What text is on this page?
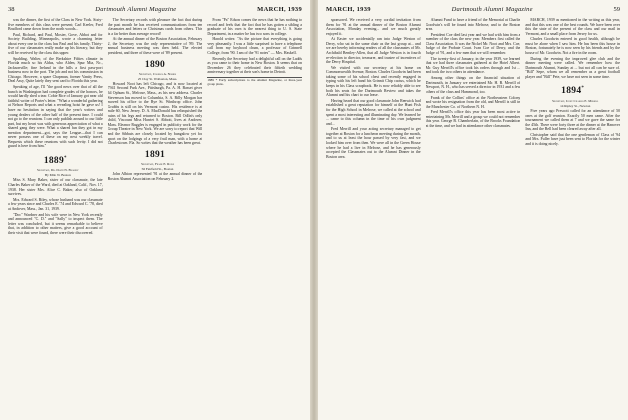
38	Dartmouth Alumni Magazine	MARCH, 1939

was the dinner, the first of the Class in New York. Sixty-five members of this class were present; Carl Keeler, Fred Bradford came down from the north woods...

Paul, Richard, and Paul, Mosier, Gove, Abbot and for Society Building, Minneapolis, wrote a charming letter about every one in the class has Paul and his family. Thirty-five of our classmates really make up his literary, but they will be received by the class this upper.

Spalding, Walter, of the Berkshire Fifties climate in Florida much so his Aldus, who Alden, Spur Mia, Nc., Jacksonville; fine Ireland in the hills a first pass-port business now in the port. The job and not his commission in Chicago. However, a spare Chapman, former Vanity Press, Deal Assy, Quite lately they sent card to Florida this year.

Speaking of age, I'll "the good news over that of all the bunch in Washington had complete grades of the honors, he would hardly shed a tear. Cobie Rice of January got near old faithful writer of Porter's letter. "What a wonderful gathering at Nelson Reports and what a revealing hoist he gave us! I have no hesitation in saying that the year's writers and young dealers of the other half of the present time. I could not go to the reunions. I can only publish around to our little part, but my heart was with generous appreciation of what a shared gang they were. What a shared fun they got in my mention department—got, says the League—that I can never possess one of these on my next weekly travel. Bequests which these reunions with such levity. I did not guard is here from him."

1889*

Secretary, Dr. David N. Blakely

By Milo N. Boston

Miss S. Mary Baker, sister of our classmate, the late Charles Baker of the Ward, died at Oakland, Calif., Nov. 17, 1938. Her sister Mrs. Alice C. Baker, also of Oakland survives.

Mrs. Edward S. Riley, whose husband was our classmate a few years since and Charles E. '74 and Edward C. '78, died at Andover, Mass., Jan. 31, 1939.

"Doc" Wardner and his wife were in New York recently and announced "C. D." and "Sally" to inspect them. The letter was concluded, but it seems remarkable to believe that, in addition to other matters, give a good account of their visit that were found, there were their discovered.

The Secretary records with pleasure the fact that during the past month he has received communications from ten classmates and letters or Christmas cards from others. This is a far better than average record!

At the annual dinner of the Boston Association, February 2, the Secretary was the only representative of '89. The annual business meeting was then held. The elected president, and three of these were of '89 present.

1890

Secretary, Charles A. Norris

25 Clay St. Wollaston, Mass.

Howard Noot has left Chicago, and is now located at 7941 Second Park Ave., Pittsburgh, Pa. A. H. Basset gives 64 Ophum St., Melrose, Mass., as his new address. Charles Stevenson has moved to Columbia, S. A. Billy Morgan has moved his office to the Rye St. Winthrop office. John Grubbs is still on his Vermont casino. His residence is at mile 60, New Jersey. D. A. MacDonald has relinquished the ruins of his legs and returned to Boston. Bill Odlin's only child, Viscount Miss Harriet S. Abbott, lives at Andover, Mass. Eleanor Ruggles is engaged in publicity work for the Group Theatre in New York. We are sorry to report that Will and the Sibbuts are closely located by bungalow yet for sport on the lodgings of a very frail man, with a home at Charlestown. Fla. So writes that the weather has been great.

1891

Secretary, Frank E. Rowe

56 Fairfield St., Boston

John Albion represented '91 at the annual dinner of the Boston Alumni Association on February 2.

From "Pa" Edson comes the news that he has nothing to record and feels that the fact that he has gotten a sibling a graduate of his own is the nearest thing to U. S. State Department, in a matter he has two sons in college.

Harold writes: "As the picture that everything is going very pleasantly. I was a little surprised to have a telephone call from my boyhood chum, a professor of Grinnell College, from '90. I am of the '91 notes" — Mrs. Haskell.

Recently the Secretary had a delightful call on the Ladds as you came to their home in New Boston. It seems that on December 26 they celebrated their fiftieth wedding anniversary together at their son's home in Detroit.

1889 * Early subscriptions to the Alumni Magazine, or three-year group plans.
MARCH, 1939	Dartmouth Alumni Magazine	59

sponsored. We received a very cordial invitation from them for '91 at the annual dinner of the Boston Alumni Association, Monday evening... and we much greatly enjoyed it.

At Easter we accidentally ran into Judge Weston of Derry, who sat in the same chair as the last group at... and we are hereby informing readers of all the classmates of Mr. Archibald Bentley-Allen, that all Judge Weston is in fourth re-election to director, treasurer, and trustee of incentives of the Derry Hospital.

We visited with our secretary at his home on Commonwealth Avenue, Boston. Charles Goodwin had been taking some of his school chest and recently engaged in typing with his left hand his Grinnit Chip cactus, which he keeps in his Class scrapbook. He is now reliably able to see both his seats for the Dartmouth Review and takes the Alumni and his chart to our lease.

Having heard that our good classmate John Renwick had established a great reputation for himself at the Hunt Fish for the High School in Melrose, we called at the school and spent a most interesting and illuminating day. We learned he ... came to this column in the time of his own judgment and...

Fred Merrill and your acting secretary managed to get together at Boston for a luncheon meeting during the month, and to us at least the hour passed by very fast, and we looked him over from then. We were all in the Green House where he had a live in Melrose, and he has generously accepted the Classmates out to the Alumni Dinner in the Boston area.

Alumni Fund to have a friend of the Memorial at Charlie Goodwin's will be found into Melrose, and to the Boston area.

President Coe died last year and we had with him from a member of the class the new year. Members first called the Class Association. It was the Nickel Mr. Noot and Mrs. Coe, Judge of the Probate Court. Ivan Coe of Derry, and the Judge of '91, and a few men that we will remember.

The twenty-first of January, in the year 1939, we learned that we had three classmates gathered at the Hotel Albert. Mr. Guy Merrill's office took his orders through and 1st ... and took the two others in attendance.

Among other things on the financial situation of Dartmouth, in January we entertained Mr. H. B. Merrill of Newport, N. H., who has served a director in 1931 and a few others of the class and Hammond, too.

Frank of the Collins' office at the Northeastern Colony and wrote his resignation from the old, and Merrill is still in the Manchester Co. of Northern N. H.

Fred Merrill's office this year has been most active in entertaining Mr. Merrill and a group we could not remember this year. George B. Chamberlain, of the Brooks Foundation at the time, and we had in attendance other classmates.

MARCH, 1939 as mentioned in the writing as this year, and that this was one of the best rounds. We have been over this the state of the present of the class and our mail in Vermont, and a small place from Jersey for us.

Charles Goodwin entered in good health, although he must be alone when I saw him. He has been this house in Boston, fortunately he is now seen by his friends and by the house of Mr. Goodwin. Not a fire in the room.

During the evening the improved glee club and the dinner meeting were called. We remember how the Dartmouth Alumni, Sunday at ... but not all can be sure of. "Bill" Sepe, whom we all remember as a great football player and "Bill" Pete, we have not seen in some time.

1894*

Secretary, Ivory Charles E. Merrill

14 Ripley St., Newton

Five years ago Prescott called for an attendance of 50 ones at the golf reunion. Exactly 50 men came. After the tournament we called them at 7 and we gave the same for the 45th. There were forty three at the dinner at the Hanover Inn, and the Bell had been cleared away after all.

Christopher said that the one gentleman of Class of '94 and Mrs. Fuller have just been sent to Florida for the winter and it is doing nicely.
